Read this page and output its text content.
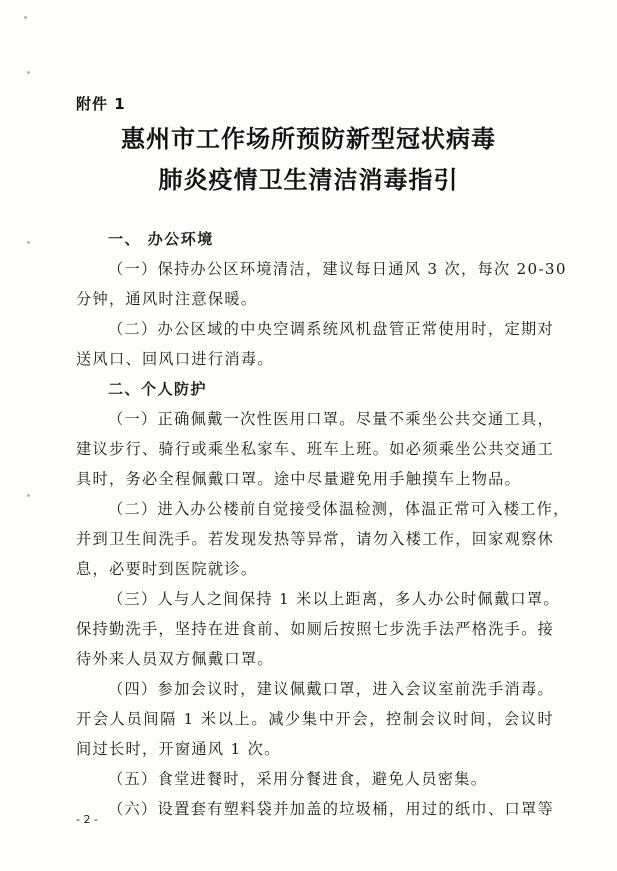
附件 1
惠州市工作场所预防新型冠状病毒
肺炎疫情卫生清洁消毒指引
一、 办公环境
（一）保持办公区环境清洁，建议每日通风 3 次，每次 20-30
分钟，通风时注意保暖。
（二）办公区域的中央空调系统风机盘管正常使用时，定期对
送风口、回风口进行消毒。
二、个人防护
（一）正确佩戴一次性医用口罩。尽量不乘坐公共交通工具，
建议步行、骑行或乘坐私家车、班车上班。如必须乘坐公共交通工
具时，务必全程佩戴口罩。途中尽量避免用手触摸车上物品。
（二）进入办公楼前自觉接受体温检测，体温正常可入楼工作，
并到卫生间洗手。若发现发热等异常，请勿入楼工作，回家观察休
息，必要时到医院就诊。
（三）人与人之间保持 1 米以上距离，多人办公时佩戴口罩。
保持勤洗手，坚持在进食前、如厕后按照七步洗手法严格洗手。接
待外来人员双方佩戴口罩。
（四）参加会议时，建议佩戴口罩，进入会议室前洗手消毒。
开会人员间隔 1 米以上。减少集中开会，控制会议时间，会议时
间过长时，开窗通风 1 次。
（五）食堂进餐时，采用分餐进食，避免人员密集。
（六）设置套有塑料袋并加盖的垃圾桶，用过的纸巾、口罩等
- 2 -
